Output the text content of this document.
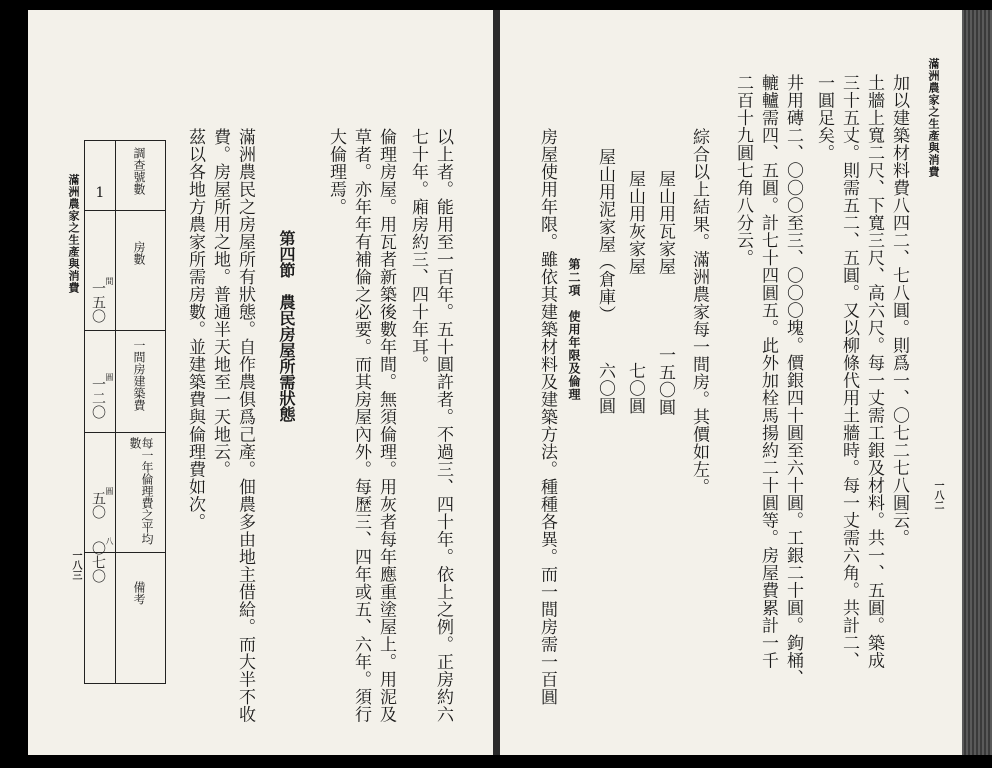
滿洲農家之生產與消費
一八二
加以建築材料費八四二、七八圓。則爲一、〇七二七八圓云。
土牆上寬二尺、下寬三尺、高六尺。每一丈需工銀及材料。共一、五圓。築成
三十五丈。則需五二、五圓。又以柳條代用土牆時。每一丈需六角。共計二、
一圓足矣。
井用磚二、〇〇〇至三、〇〇〇塊。價銀四十圓至六十圓。工銀二十圓。鉤桶、
轆轤需四、五圓。計七十四圓五。此外加栓馬揚約二十圓等。房屋費累計一千
二百十九圓七角八分云。
綜合以上結果。滿洲農家每一間房。其價如左。
屋山用瓦家屋
一五〇圓
屋山用灰家屋
七〇圓
屋山用泥家屋（倉庫）
六〇圓
第二項　使用年限及倫理
房屋使用年限。雖依其建築材料及建築方法。種種各異。而一間房需一百圓
以上者。能用至一百年。五十圓許者。不過三、四十年。依上之例。正房約六
七十年。廂房約三、四十年耳。
倫理房屋。用瓦者新築後數年間。無須倫理。用灰者每年應重塗屋上。用泥及
草者。亦年年有補倫之必要。而其房屋內外。每歷三、四年或五、六年。須行
大倫理焉。
第四節　農民房屋所需狀態
滿洲農民之房屋所有狀態。自作農俱爲己產。佃農多由地主借給。而大半不收
費。房屋所用之地。普通半天地至一天地云。
茲以各地方農家所需房數。並建築費與倫理費如次。
調查號數
房數
一間房建築費
每一年倫理費之平均數
備考
1
一五〇 間
一二〇 圓
五〇 圓
〇七〇 八
滿洲農家之生產與消費
一八三
